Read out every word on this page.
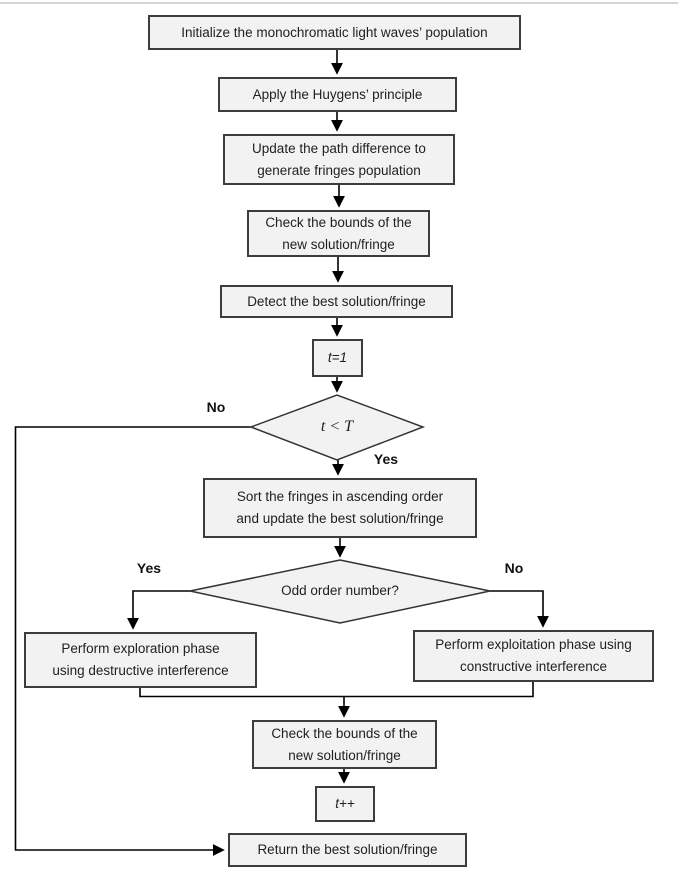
Initialize the monochromatic light waves’ population
Apply the Huygens’ principle
Update the path difference to
generate fringes population
Check the bounds of the
new solution/fringe
Detect the best solution/fringe
t=1
Sort the fringes in ascending order
and update the best solution/fringe
Perform exploration phase
using destructive interference
Perform exploitation phase using
constructive interference
Check the bounds of the
new solution/fringe
t++
Return the best solution/fringe
t < T
Odd order number?
No
Yes
Yes	No
